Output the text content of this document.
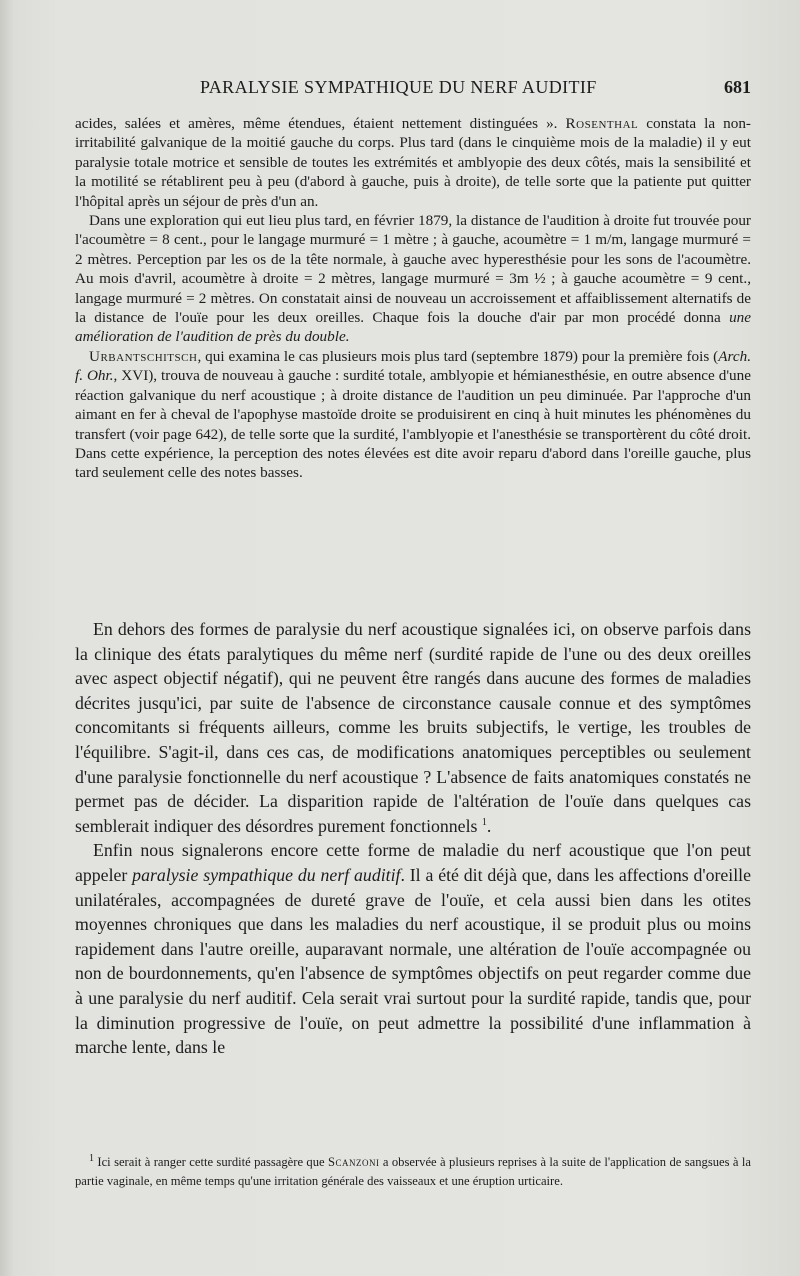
PARALYSIE SYMPATHIQUE DU NERF AUDITIF	681

acides, salées et amères, même étendues, étaient nettement distinguées ». Rosenthal constata la non-irritabilité galvanique de la moitié gauche du corps. Plus tard (dans le cinquième mois de la maladie) il y eut paralysie totale motrice et sensible de toutes les extrémités et amblyopie des deux côtés, mais la sensibilité et la motilité se rétablirent peu à peu (d'abord à gauche, puis à droite), de telle sorte que la patiente put quitter l'hôpital après un séjour de près d'un an.

Dans une exploration qui eut lieu plus tard, en février 1879, la distance de l'audition à droite fut trouvée pour l'acoumètre = 8 cent., pour le langage murmuré = 1 mètre ; à gauche, acoumètre = 1 m/m, langage murmuré = 2 mètres. Perception par les os de la tête normale, à gauche avec hyperesthésie pour les sons de l'acoumètre. Au mois d'avril, acoumètre à droite = 2 mètres, langage murmuré = 3m ½ ; à gauche acoumètre = 9 cent., langage murmuré = 2 mètres. On constatait ainsi de nouveau un accroissement et affaiblissement alternatifs de la distance de l'ouïe pour les deux oreilles. Chaque fois la douche d'air par mon procédé donna une amélioration de l'audition de près du double.

Urbantschitsch, qui examina le cas plusieurs mois plus tard (septembre 1879) pour la première fois (Arch. f. Ohr., XVI), trouva de nouveau à gauche : surdité totale, amblyopie et hémianesthésie, en outre absence d'une réaction galvanique du nerf acoustique ; à droite distance de l'audition un peu diminuée. Par l'approche d'un aimant en fer à cheval de l'apophyse mastoïde droite se produisirent en cinq à huit minutes les phénomènes du transfert (voir page 642), de telle sorte que la surdité, l'amblyopie et l'anesthésie se transportèrent du côté droit. Dans cette expérience, la perception des notes élevées est dite avoir reparu d'abord dans l'oreille gauche, plus tard seulement celle des notes basses.

En dehors des formes de paralysie du nerf acoustique signalées ici, on observe parfois dans la clinique des états paralytiques du même nerf (surdité rapide de l'une ou des deux oreilles avec aspect objectif négatif), qui ne peuvent être rangés dans aucune des formes de maladies décrites jusqu'ici, par suite de l'absence de circonstance causale connue et des symptômes concomitants si fréquents ailleurs, comme les bruits subjectifs, le vertige, les troubles de l'équilibre. S'agit-il, dans ces cas, de modifications anatomiques perceptibles ou seulement d'une paralysie fonctionnelle du nerf acoustique ? L'absence de faits anatomiques constatés ne permet pas de décider. La disparition rapide de l'altération de l'ouïe dans quelques cas semblerait indiquer des désordres purement fonctionnels $^1$.

Enfin nous signalerons encore cette forme de maladie du nerf acoustique que l'on peut appeler paralysie sympathique du nerf auditif. Il a été dit déjà que, dans les affections d'oreille unilatérales, accompagnées de dureté grave de l'ouïe, et cela aussi bien dans les otites moyennes chroniques que dans les maladies du nerf acoustique, il se produit plus ou moins rapidement dans l'autre oreille, auparavant normale, une altération de l'ouïe accompagnée ou non de bourdonnements, qu'en l'absence de symptômes objectifs on peut regarder comme due à une paralysie du nerf auditif. Cela serait vrai surtout pour la surdité rapide, tandis que, pour la diminution progressive de l'ouïe, on peut admettre la possibilité d'une inflammation à marche lente, dans le

$^1$ Ici serait à ranger cette surdité passagère que Scanzoni a observée à plusieurs reprises à la suite de l'application de sangsues à la partie vaginale, en même temps qu'une irritation générale des vaisseaux et une éruption urticaire.
